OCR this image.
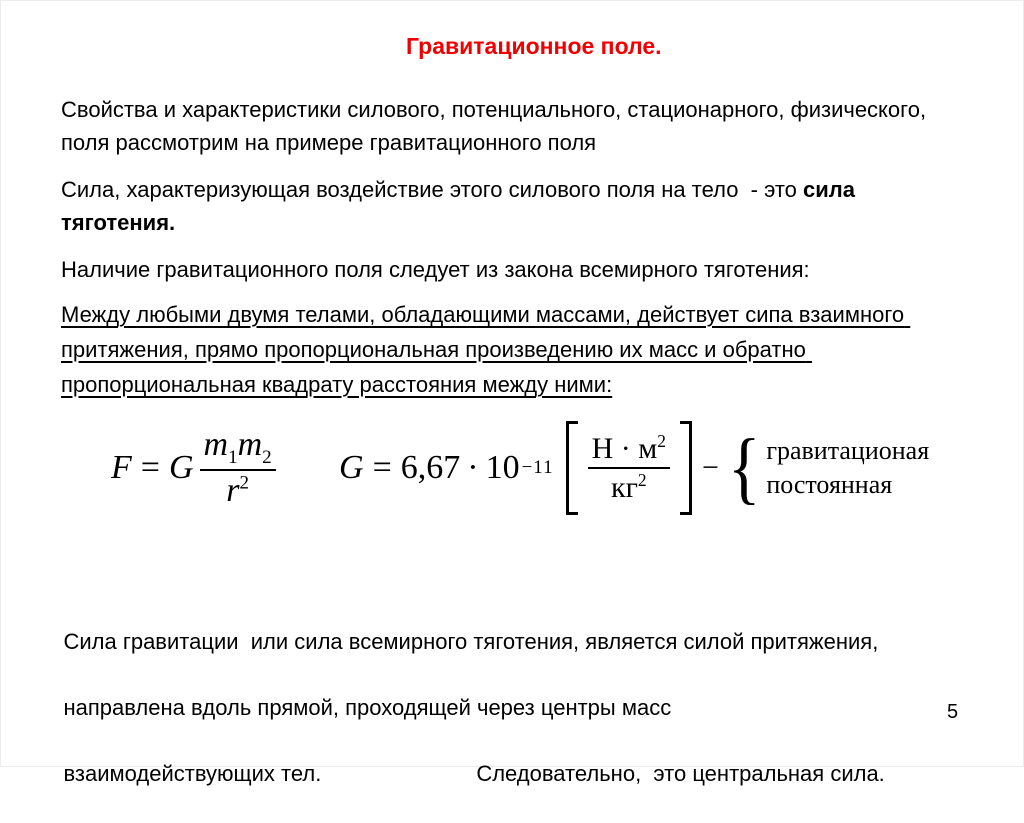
Гравитационное поле.

Свойства и характеристики силового, потенциального, стационарного, физического, поля рассмотрим на примере гравитационного поля

Сила, характеризующая воздействие этого силового поля на тело  - это сила тяготения.

Наличие гравитационного поля следует из закона всемирного тяготения:

Между любыми двумя телами, обладающими массами, действует сипа взаимного притяжения, прямо пропорциональная произведению их масс и обратно пропорциональная квадрату расстояния между ними:

F = G $\frac{m_1m_2}{r^2}$ $G = 6,67 \cdot 10 -11 \frac{Н \cdot м^2}{кг^2}$ − { гравитационая
постоянная

Сила гравитации  или сила всемирного тяготения, является силой притяжения,

направлена вдоль прямой, проходящей через центры масс

взаимодействующих тел.	Следовательно,  это центральная сила.

5
